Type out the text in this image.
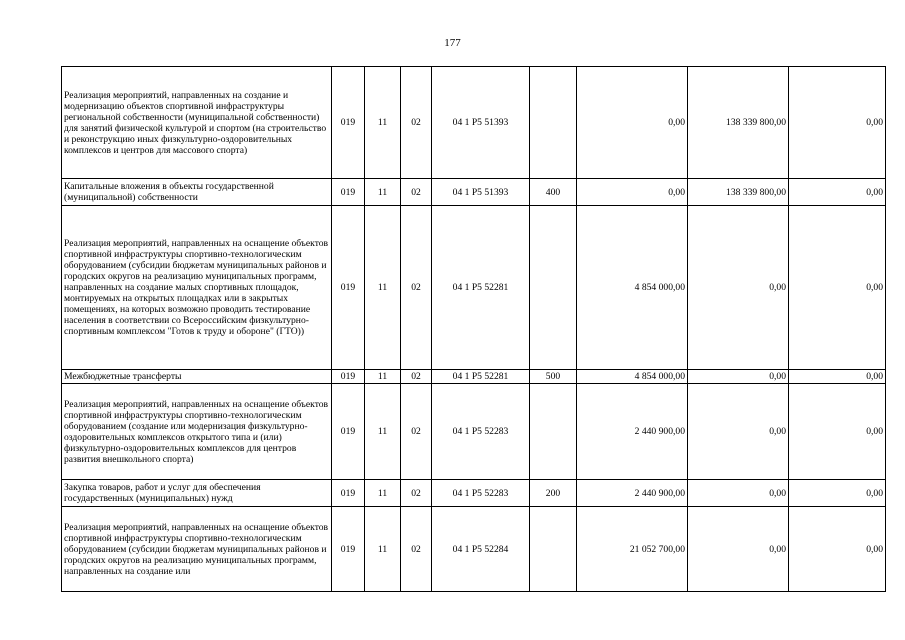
177
Реализация мероприятий, направленных на создание и модернизацию объектов спортивной инфраструктуры региональной собственности (муниципальной собственности) для занятий физической культурой и спортом (на строительство и реконструкцию иных физкультурно-оздоровительных комплексов и центров для массового спорта)	019	11	02	04 1 P5 51393		0,00	138 339 800,00	0,00
Капитальные вложения в объекты государственной (муниципальной) собственности	019	11	02	04 1 P5 51393	400	0,00	138 339 800,00	0,00
Реализация мероприятий, направленных на оснащение объектов спортивной инфраструктуры спортивно-технологическим оборудованием (субсидии бюджетам муниципальных районов и городских округов на реализацию муниципальных программ, направленных на создание малых спортивных площадок, монтируемых на открытых площадках или в закрытых помещениях, на которых возможно проводить тестирование населения в соответствии со Всероссийским физкультурно-спортивным комплексом "Готов к труду и обороне" (ГТО))	019	11	02	04 1 P5 52281		4 854 000,00	0,00	0,00
Межбюджетные трансферты	019	11	02	04 1 P5 52281	500	4 854 000,00	0,00	0,00
Реализация мероприятий, направленных на оснащение объектов спортивной инфраструктуры спортивно-технологическим оборудованием (создание или модернизация физкультурно-оздоровительных комплексов открытого типа и (или) физкультурно-оздоровительных комплексов для центров развития внешкольного спорта)	019	11	02	04 1 P5 52283		2 440 900,00	0,00	0,00
Закупка товаров, работ и услуг для обеспечения государственных (муниципальных) нужд	019	11	02	04 1 P5 52283	200	2 440 900,00	0,00	0,00
Реализация мероприятий, направленных на оснащение объектов спортивной инфраструктуры спортивно-технологическим оборудованием (субсидии бюджетам муниципальных районов и городских округов на реализацию муниципальных программ, направленных на создание или	019	11	02	04 1 P5 52284		21 052 700,00	0,00	0,00
